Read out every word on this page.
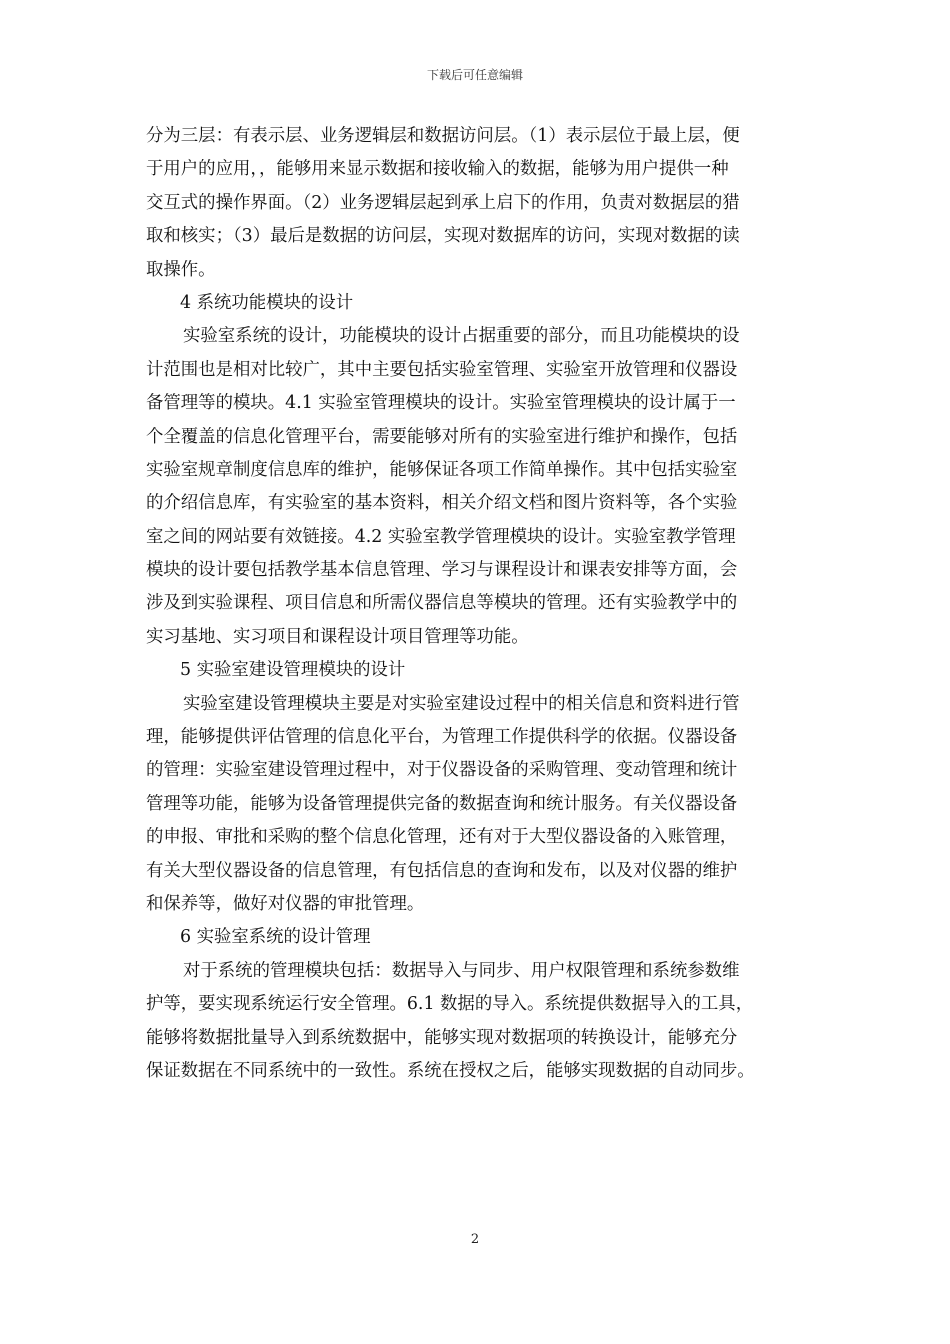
下载后可任意编辑
分为三层：有表示层、业务逻辑层和数据访问层。（1）表示层位于最上层，便
于用户的应用，，能够用来显示数据和接收输入的数据，能够为用户提供一种
交互式的操作界面。（2）业务逻辑层起到承上启下的作用，负责对数据层的猎
取和核实；（3）最后是数据的访问层，实现对数据库的访问，实现对数据的读
取操作。
4 系统功能模块的设计
实验室系统的设计，功能模块的设计占据重要的部分，而且功能模块的设
计范围也是相对比较广，其中主要包括实验室管理、实验室开放管理和仪器设
备管理等的模块。4.1 实验室管理模块的设计。实验室管理模块的设计属于一
个全覆盖的信息化管理平台，需要能够对所有的实验室进行维护和操作，包括
实验室规章制度信息库的维护，能够保证各项工作简单操作。其中包括实验室
的介绍信息库，有实验室的基本资料，相关介绍文档和图片资料等，各个实验
室之间的网站要有效链接。4.2 实验室教学管理模块的设计。实验室教学管理
模块的设计要包括教学基本信息管理、学习与课程设计和课表安排等方面，会
涉及到实验课程、项目信息和所需仪器信息等模块的管理。还有实验教学中的
实习基地、实习项目和课程设计项目管理等功能。
5 实验室建设管理模块的设计
实验室建设管理模块主要是对实验室建设过程中的相关信息和资料进行管
理，能够提供评估管理的信息化平台，为管理工作提供科学的依据。仪器设备
的管理：实验室建设管理过程中，对于仪器设备的采购管理、变动管理和统计
管理等功能，能够为设备管理提供完备的数据查询和统计服务。有关仪器设备
的申报、审批和采购的整个信息化管理，还有对于大型仪器设备的入账管理，
有关大型仪器设备的信息管理，有包括信息的查询和发布，以及对仪器的维护
和保养等，做好对仪器的审批管理。
6 实验室系统的设计管理
对于系统的管理模块包括：数据导入与同步、用户权限管理和系统参数维
护等，要实现系统运行安全管理。6.1 数据的导入。系统提供数据导入的工具，
能够将数据批量导入到系统数据中，能够实现对数据项的转换设计，能够充分
保证数据在不同系统中的一致性。系统在授权之后，能够实现数据的自动同步。
2
